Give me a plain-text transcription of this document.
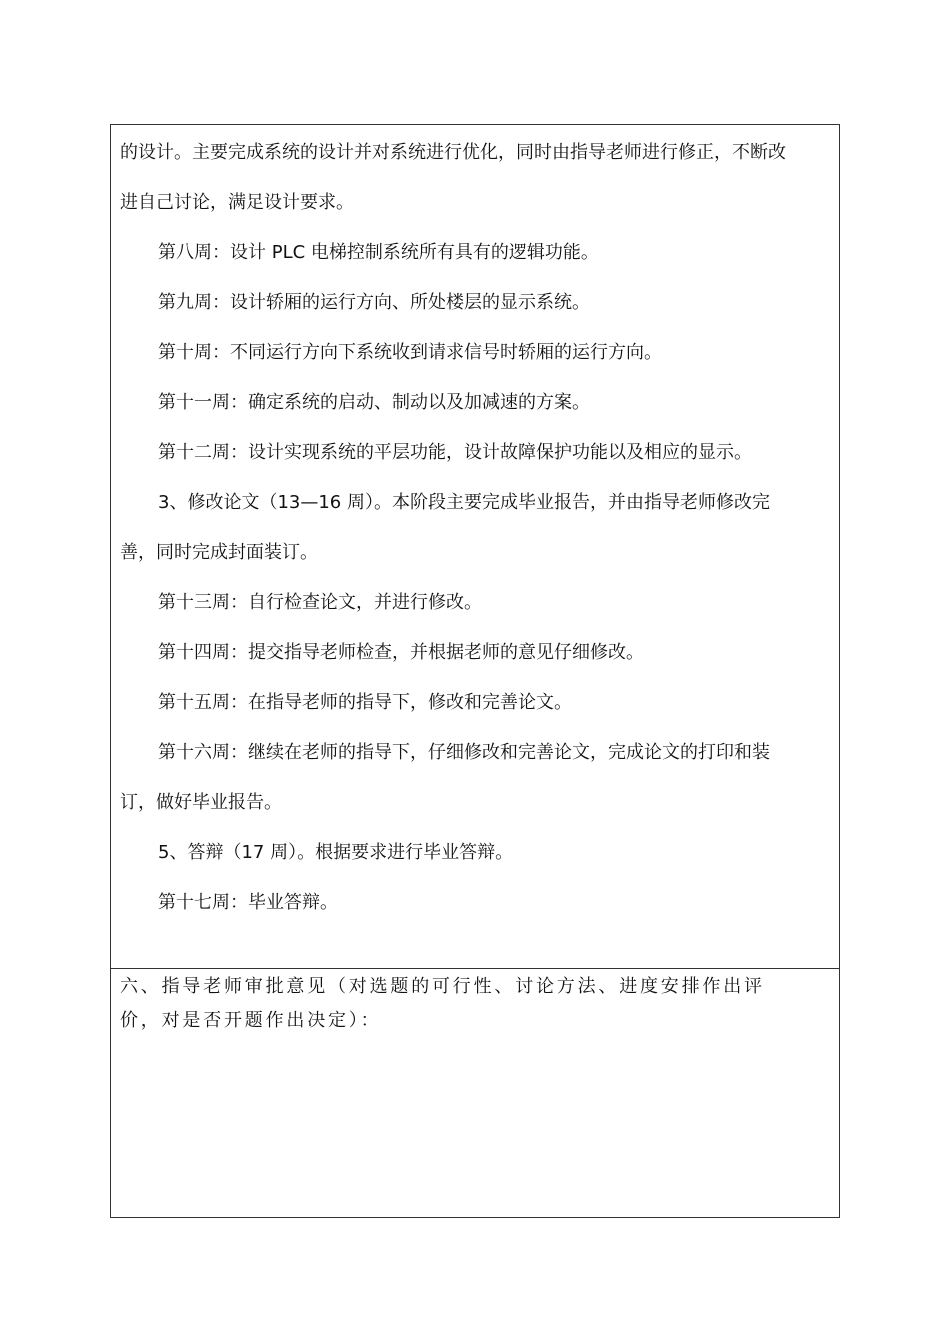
的设计。主要完成系统的设计并对系统进行优化，同时由指导老师进行修正，不断改

进自己讨论，满足设计要求。

第八周：设计 PLC 电梯控制系统所有具有的逻辑功能。

第九周：设计轿厢的运行方向、所处楼层的显示系统。

第十周：不同运行方向下系统收到请求信号时轿厢的运行方向。

第十一周：确定系统的启动、制动以及加减速的方案。

第十二周：设计实现系统的平层功能，设计故障保护功能以及相应的显示。

3、修改论文（13—16 周）。本阶段主要完成毕业报告，并由指导老师修改完

善，同时完成封面装订。

第十三周：自行检查论文，并进行修改。

第十四周：提交指导老师检查，并根据老师的意见仔细修改。

第十五周：在指导老师的指导下，修改和完善论文。

第十六周：继续在老师的指导下，仔细修改和完善论文，完成论文的打印和装

订，做好毕业报告。

5、答辩（17 周）。根据要求进行毕业答辩。

第十七周：毕业答辩。

六、指导老师审批意见（对选题的可行性、讨论方法、进度安排作出评

价，对是否开题作出决定）：
